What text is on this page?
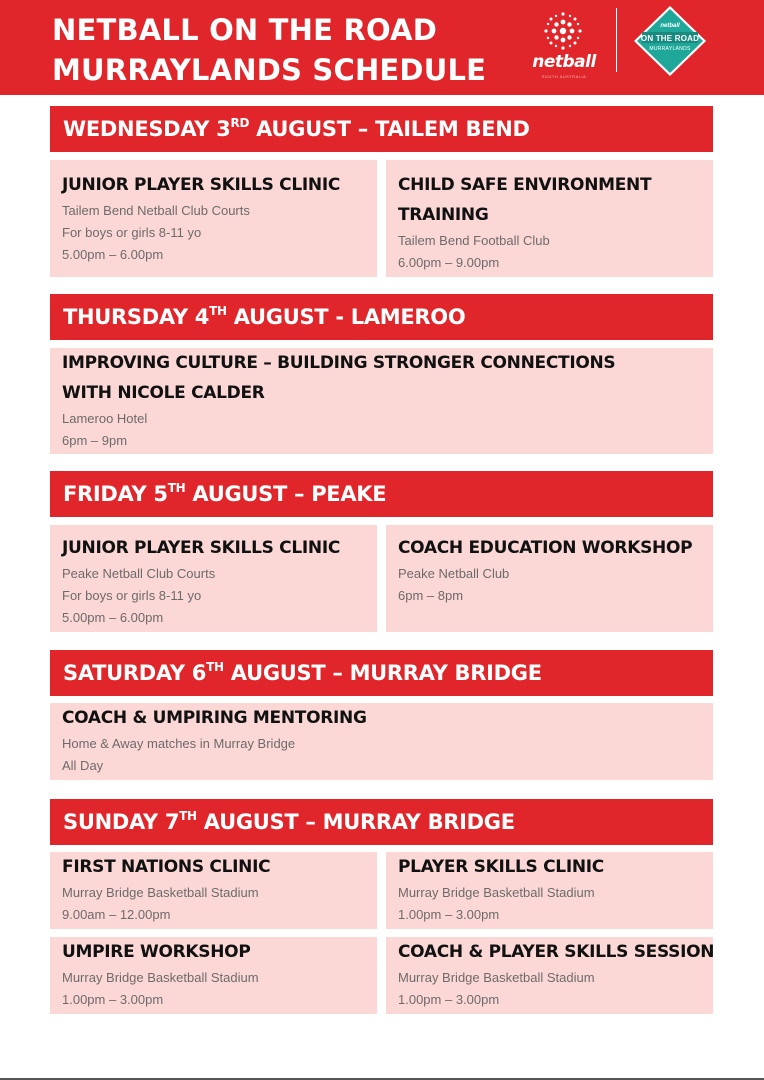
NETBALL ON THE ROAD
MURRAYLANDS SCHEDULE	netball
SOUTH AUSTRALIA
netball
ON THE ROAD
MURRAYLANDS
WEDNESDAY 3RD AUGUST – TAILEM BEND
JUNIOR PLAYER SKILLS CLINIC
Tailem Bend Netball Club Courts
For boys or girls 8-11 yo
5.00pm – 6.00pm
CHILD SAFE ENVIRONMENT
TRAINING
Tailem Bend Football Club
6.00pm – 9.00pm
THURSDAY 4TH AUGUST - LAMEROO
IMPROVING CULTURE – BUILDING STRONGER CONNECTIONS
WITH NICOLE CALDER
Lameroo Hotel
6pm – 9pm
FRIDAY 5TH AUGUST – PEAKE
JUNIOR PLAYER SKILLS CLINIC
Peake Netball Club Courts
For boys or girls 8-11 yo
5.00pm – 6.00pm
COACH EDUCATION WORKSHOP
Peake Netball Club
6pm – 8pm
SATURDAY 6TH AUGUST – MURRAY BRIDGE
COACH & UMPIRING MENTORING
Home & Away matches in Murray Bridge
All Day
SUNDAY 7TH AUGUST – MURRAY BRIDGE
FIRST NATIONS CLINIC
Murray Bridge Basketball Stadium
9.00am – 12.00pm
PLAYER SKILLS CLINIC
Murray Bridge Basketball Stadium
1.00pm – 3.00pm
UMPIRE WORKSHOP
Murray Bridge Basketball Stadium
1.00pm – 3.00pm
COACH & PLAYER SKILLS SESSION
Murray Bridge Basketball Stadium
1.00pm – 3.00pm
